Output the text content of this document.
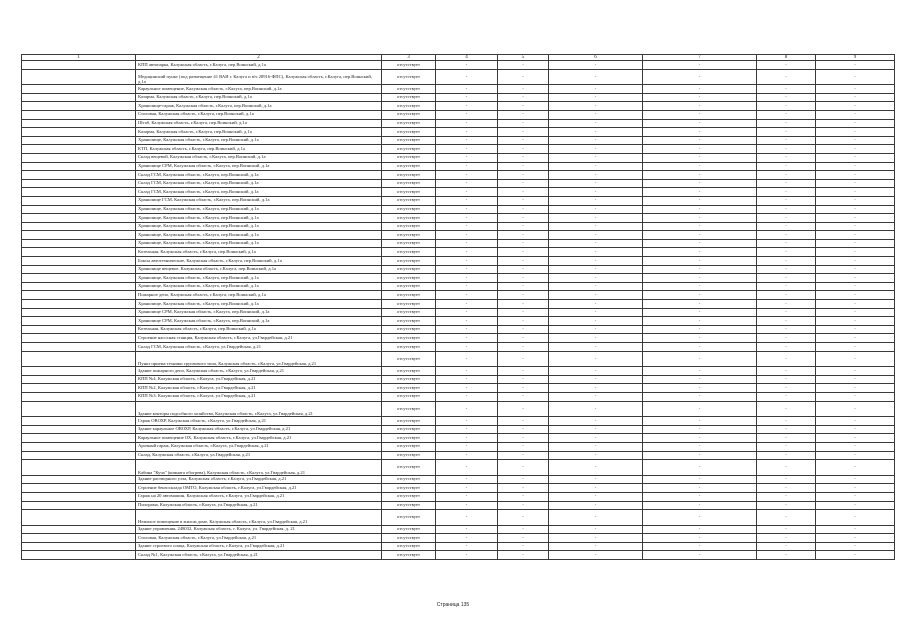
1	2	3	4	5	6	7	8	9
	КПП автопарка, Калужская область, г.Калуга, пер.Воинский, д.1а	отсутствует	-	-	-	-	-	-
	Медицинский пункт (под размещение 41 ВАИ г. Калуга и в/ч 28916-ФПС), Калужская область, г.Калуга, пер.Воинский, д.1а	отсутствует	-	-	-	-	-	-
	Караульное помещение, Калужская область, г.Калуга, пер.Воинский, д.1а	отсутствует	-	-	-	-	-	-
	Казарма, Калужская область, г.Калуга, пер.Воинский, д.1а	отсутствует	-	-	-	-	-	-
	Хранилище-гараж, Калужская область, г.Калуга, пер.Воинский, д.1а	отсутствует	-	-	-	-	-	-
	Столовая, Калужская область, г.Калуга, пер.Воинский, д.1а	отсутствует	-	-	-	-	-	-
	Штаб, Калужская область, г.Калуга, пер.Воинский, д.1а	отсутствует	-	-	-	-	-	-
	Казарма, Калужская область, г.Калуга, пер.Воинский, д.1а	отсутствует	-	-	-	-	-	-
	Хранилище, Калужская область, г.Калуга, пер.Воинский, д.1а	отсутствует	-	-	-	-	-	-
	КТП, Калужская область, г.Калуга, пер.Воинский, д.1а	отсутствует	-	-	-	-	-	-
	Склад вещевой, Калужская область, г.Калуга, пер.Воинский, д.1а	отсутствует	-	-	-	-	-	-
	Хранилище СРМ, Калужская область, г.Калуга, пер.Воинский, д.1а	отсутствует	-	-	-	-	-	-
	Склад ГСМ, Калужская область, г.Калуга, пер.Воинский, д.1а	отсутствует	-	-	-	-	-	-
	Склад ГСМ, Калужская область, г.Калуга, пер.Воинский, д.1а	отсутствует	-	-	-	-	-	-
	Склад ГСМ, Калужская область, г.Калуга, пер.Воинский, д.1а	отсутствует	-	-	-	-	-	-
	Хранилище ГСМ, Калужская область, г.Калуга, пер.Воинский, д.1а	отсутствует	-	-	-	-	-	-
	Хранилище, Калужская область, г.Калуга, пер.Воинский, д.1а	отсутствует	-	-	-	-	-	-
	Хранилище, Калужская область, г.Калуга, пер.Воинский, д.1а	отсутствует	-	-	-	-	-	-
	Хранилище, Калужская область, г.Калуга, пер.Воинский, д.1а	отсутствует	-	-	-	-	-	-
	Хранилище, Калужская область, г.Калуга, пер.Воинский, д.1а	отсутствует	-	-	-	-	-	-
	Хранилище, Калужская область, г.Калуга, пер.Воинский, д.1а	отсутствует	-	-	-	-	-	-
	Котельная, Калужская область, г.Калуга, пер.Воинский, д.1а	отсутствует	-	-	-	-	-	-
	Боксы автотехнические, Калужская область, г.Калуга, пер.Воинский, д.1а	отсутствует	-	-	-	-	-	-
	Хранилище вещевое, Калужская область, г.Калуга, пер.Воинский, д.1а	отсутствует	-	-	-	-	-	-
	Хранилище, Калужская область, г.Калуга, пер.Воинский, д.1а	отсутствует	-	-	-	-	-	-
	Хранилище, Калужская область, г.Калуга, пер.Воинский, д.1а	отсутствует	-	-	-	-	-	-
	Пожарное депо, Калужская область, г.Калуга, пер.Воинский, д.1а	отсутствует	-	-	-	-	-	-
	Хранилище, Калужская область, г.Калуга, пер.Воинский, д.1а	отсутствует	-	-	-	-	-	-
	Хранилище СРМ, Калужская область, г.Калуга, пер.Воинский, д.1а	отсутствует	-	-	-	-	-	-
	Хранилище СРМ, Калужская область, г.Калуга, пер.Воинский, д.1а	отсутствует	-	-	-	-	-	-
	Котельная, Калужская область, г.Калуга, пер.Воинский, д.1а	отсутствует	-	-	-	-	-	-
	Строение насосная станция, Калужская область, г.Калуга, ул.Гвардейская, д.21	отсутствует	-	-	-	-	-	-
	Склад ГСМ, Калужская область, г.Калуга, ул.Гвардейская, д.21	отсутствует	-	-	-	-	-	-
	Пункт приема техники группового типа, Калужская область, г.Калуга, ул.Гвардейская, д.21	отсутствует	-	-	-	-	-	-
	Здание пожарного депо, Калужская область, г.Калуга, ул.Гвардейская, д.21	отсутствует	-	-	-	-	-	-
	КПП №4, Калужская область, г.Калуга, ул.Гвардейская, д.21	отсутствует	-	-	-	-	-	-
	КПП №2, Калужская область, г.Калуга, ул.Гвардейская, д.21	отсутствует	-	-	-	-	-	-
	КПП №3, Калужская область, г.Калуга, ул.Гвардейская, д.21	отсутствует	-	-	-	-	-	-
	Здание конторы подсобного хозяйства, Калужская область, г.Калуга, ул.Гвардейская, д.21	отсутствует	-	-	-	-	-	-
	Гараж ОВОХР, Калужская область, г.Калуга, ул.Гвардейская, д.21	отсутствует	-	-	-	-	-	-
	Здание караульное ОВОХР, Калужская область, г.Калуга, ул.Гвардейская, д.21	отсутствует	-	-	-	-	-	-
	Караульное помещение ОХ, Калужская область, г.Калуга, ул.Гвардейская, д.21	отсутствует	-	-	-	-	-	-
	Арочный гараж, Калужская область, г.Калуга, ул.Гвардейская, д.21	отсутствует	-	-	-	-	-	-
	Склад, Калужская область, г.Калуга, ул.Гвардейская, д.21	отсутствует	-	-	-	-	-	-
	Кабина "Куча" (комната обогрева), Калужская область, г.Калуга, ул.Гвардейская, д.21	отсутствует	-	-	-	-	-	-
	Здание растворного узла, Калужская область, г.Калуга, ул.Гвардейская, д.21	отсутствует	-	-	-	-	-	-
	Строение бензосклада ОМТО, Калужская область, г.Калуга, ул.Гвардейская, д.21	отсутствует	-	-	-	-	-	-
	Гараж на 20 автомашин, Калужская область, г.Калуга, ул.Гвардейская, д.21	отсутствует	-	-	-	-	-	-
	Пилорама, Калужская область, г.Калуга, ул.Гвардейская, д.21	отсутствует	-	-	-	-	-	-
	Нежилое помещение в жилом доме, Калужская область, г.Калуга, ул.Гвардейская, д.21	отсутствует	-	-	-	-	-	-
	Здание управления, 248032, Калужская область, г. Калуга, ул. Гвардейская, д. 21	отсутствует	-	-	-	-	-	-
	Столовая, Калужская область, г.Калуга, ул.Гвардейская, д.21	отсутствует	-	-	-	-	-	-
	Здание строевого плаца, Калужская область, г.Калуга, ул.Гвардейская, д.21	отсутствует	-	-	-	-	-	-
	Склад №1, Калужская область, г.Калуга, ул.Гвардейская, д.21	отсутствует	-	-	-	-	-	-
Страница 135
